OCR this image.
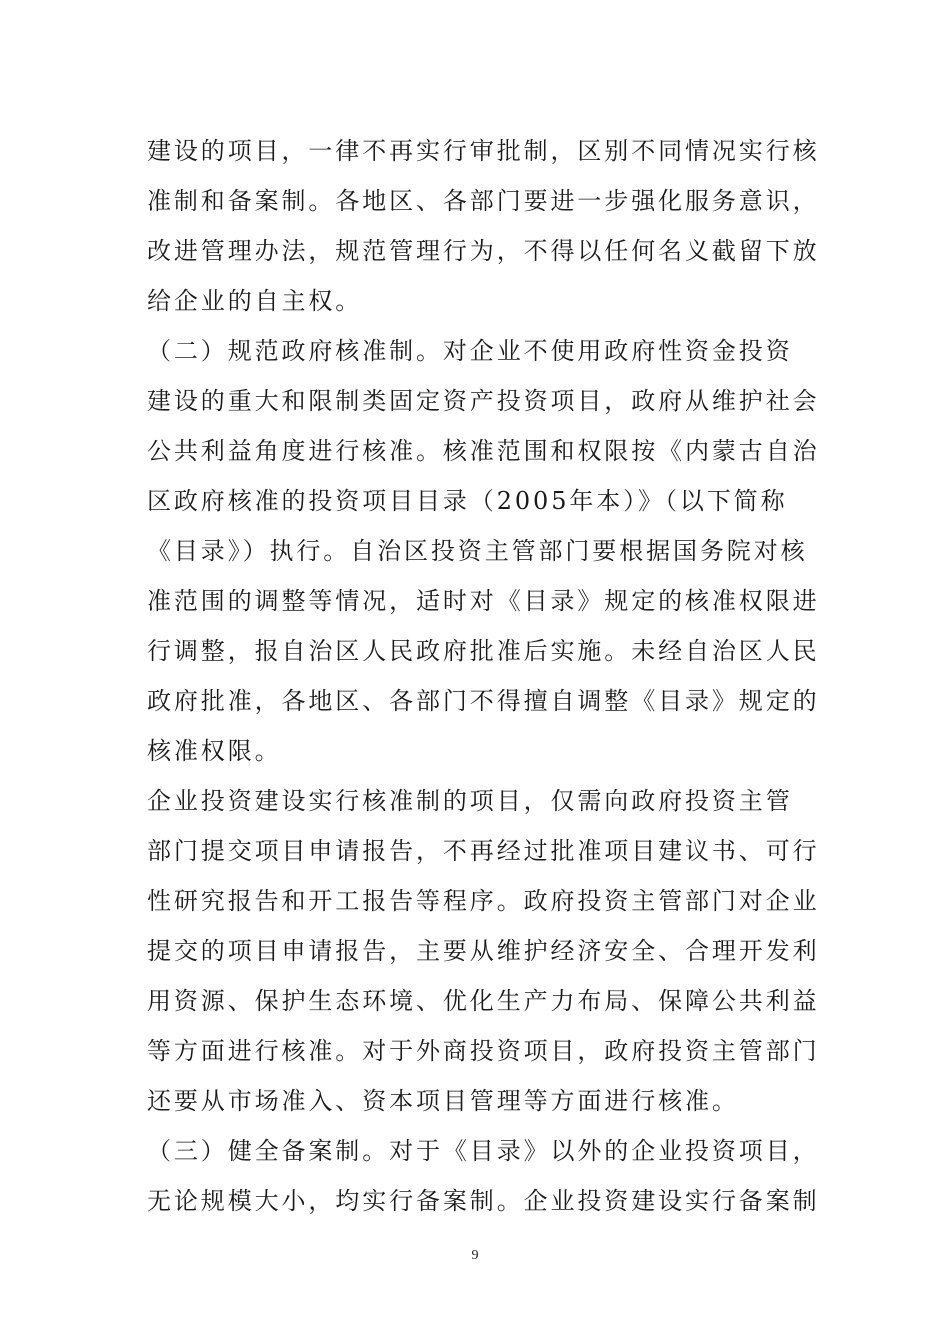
建设的项目，一律不再实行审批制，区别不同情况实行核

准制和备案制。各地区、各部门要进一步强化服务意识，

改进管理办法，规范管理行为，不得以任何名义截留下放

给企业的自主权。

（二）规范政府核准制。对企业不使用政府性资金投资

建设的重大和限制类固定资产投资项目，政府从维护社会

公共利益角度进行核准。核准范围和权限按《内蒙古自治

区政府核准的投资项目目录（2005年本）》（以下简称

《目录》）执行。自治区投资主管部门要根据国务院对核

准范围的调整等情况，适时对《目录》规定的核准权限进

行调整，报自治区人民政府批准后实施。未经自治区人民

政府批准，各地区、各部门不得擅自调整《目录》规定的

核准权限。

企业投资建设实行核准制的项目，仅需向政府投资主管

部门提交项目申请报告，不再经过批准项目建议书、可行

性研究报告和开工报告等程序。政府投资主管部门对企业

提交的项目申请报告，主要从维护经济安全、合理开发利

用资源、保护生态环境、优化生产力布局、保障公共利益

等方面进行核准。对于外商投资项目，政府投资主管部门

还要从市场准入、资本项目管理等方面进行核准。

（三）健全备案制。对于《目录》以外的企业投资项目，

无论规模大小，均实行备案制。企业投资建设实行备案制

9
